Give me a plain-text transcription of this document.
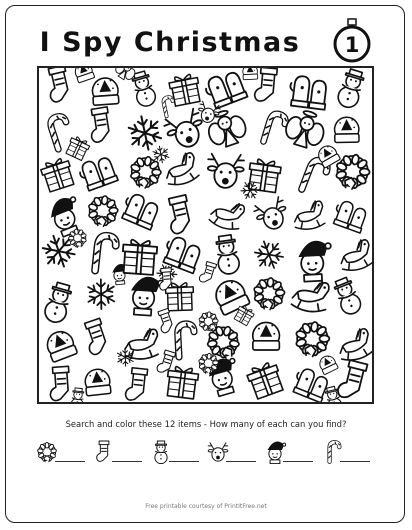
I Spy Christmas	1
Search and color these 12 items - How many of each can you find?
Free printable courtesy of PrintItFree.net
